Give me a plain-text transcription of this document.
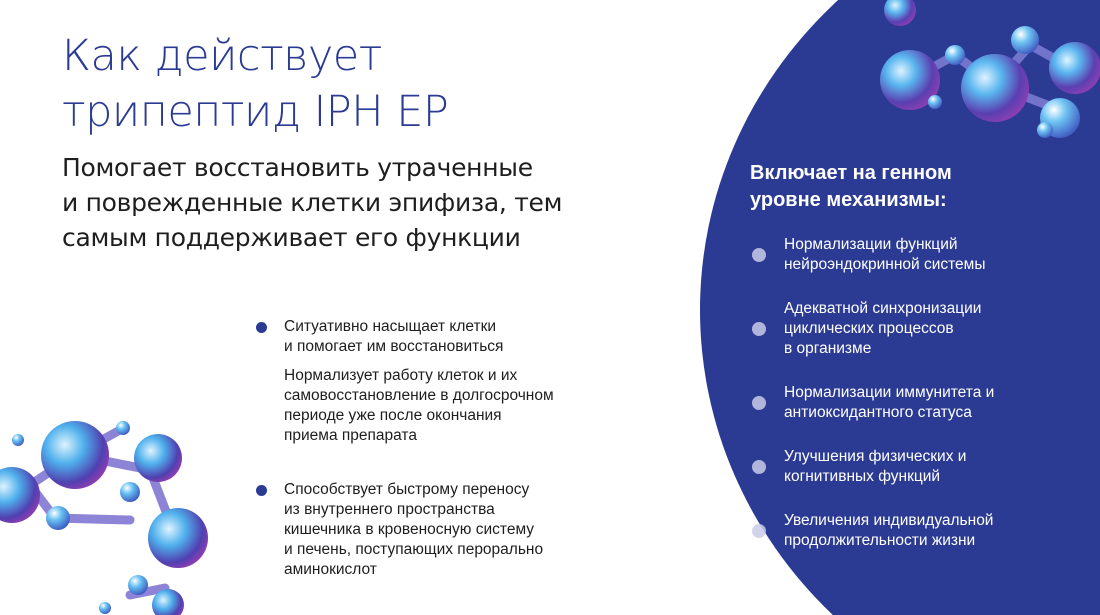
Как действует
трипептид IPH EP

Помогает восстановить утраченные
и поврежденные клетки эпифиза, тем
самым поддерживает его функции

Ситуативно насыщает клетки
и помогает им восстановиться

Нормализует работу клеток и их
самовосстановление в долгосрочном
периоде уже после окончания
приема препарата

Способствует быстрому переносу
из внутреннего пространства
кишечника в кровеносную систему
и печень, поступающих перорально
аминокислот

Включает на генном
уровне механизмы:
Нормализации функций
нейроэндокринной системы
Адекватной синхронизации
циклических процессов
в организме
Нормализации иммунитета и
антиоксидантного статуса
Улучшения физических и
когнитивных функций
Увеличения индивидуальной
продолжительности жизни
